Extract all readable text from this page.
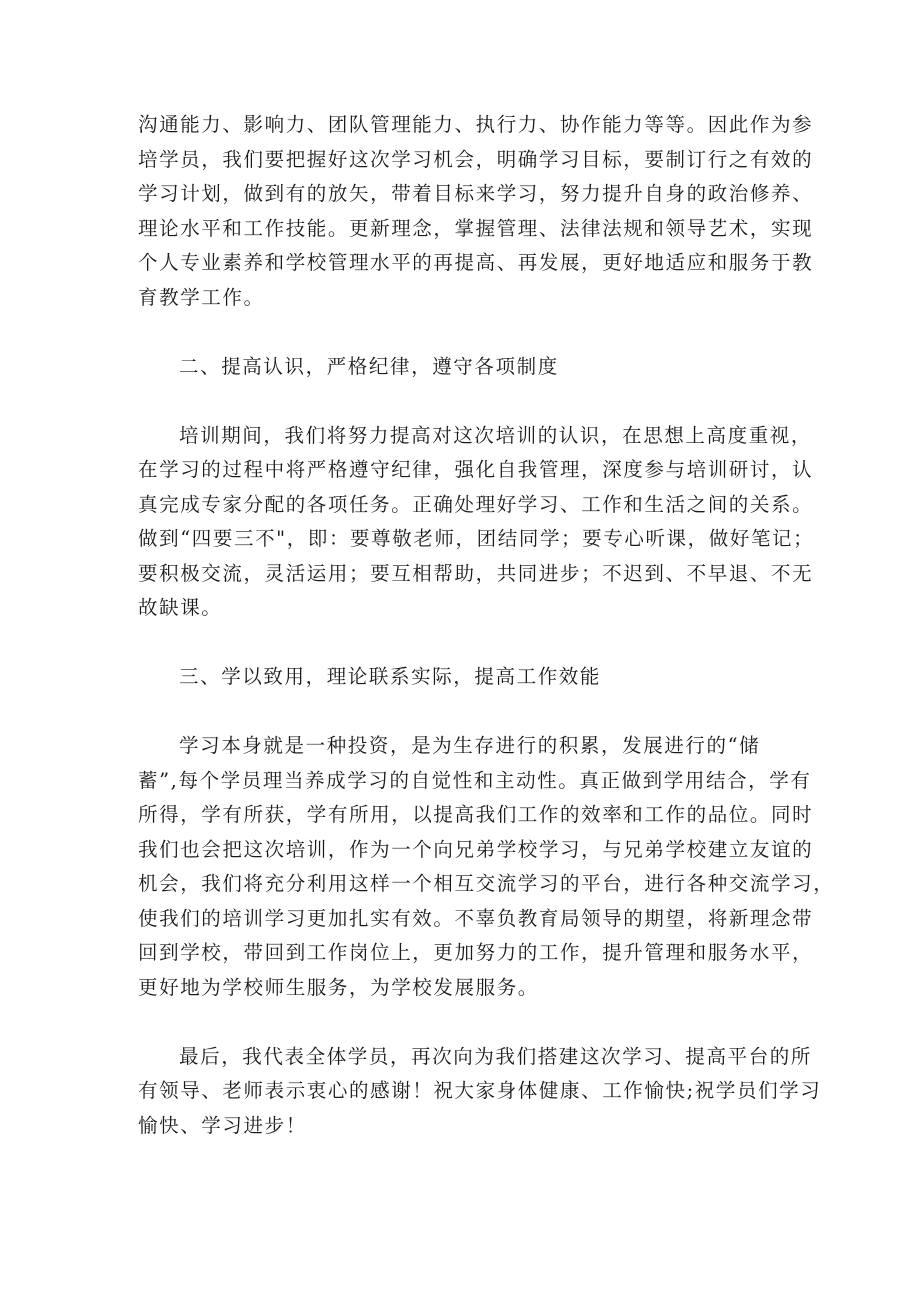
沟通能力、影响力、团队管理能力、执行力、协作能力等等。因此作为参
培学员，我们要把握好这次学习机会，明确学习目标，要制订行之有效的
学习计划，做到有的放矢，带着目标来学习，努力提升自身的政治修养、
理论水平和工作技能。更新理念，掌握管理、法律法规和领导艺术，实现
个人专业素养和学校管理水平的再提高、再发展，更好地适应和服务于教
育教学工作。
二、提高认识，严格纪律，遵守各项制度
培训期间，我们将努力提高对这次培训的认识，在思想上高度重视，
在学习的过程中将严格遵守纪律，强化自我管理，深度参与培训研讨，认
真完成专家分配的各项任务。正确处理好学习、工作和生活之间的关系。
做到“四要三不"，即：要尊敬老师，团结同学；要专心听课，做好笔记；
要积极交流，灵活运用；要互相帮助，共同进步；不迟到、不早退、不无
故缺课。
三、学以致用，理论联系实际，提高工作效能
学习本身就是一种投资，是为生存进行的积累，发展进行的“储
蓄”,每个学员理当养成学习的自觉性和主动性。真正做到学用结合，学有
所得，学有所获，学有所用，以提高我们工作的效率和工作的品位。同时
我们也会把这次培训，作为一个向兄弟学校学习，与兄弟学校建立友谊的
机会，我们将充分利用这样一个相互交流学习的平台，进行各种交流学习，
使我们的培训学习更加扎实有效。不辜负教育局领导的期望，将新理念带
回到学校，带回到工作岗位上，更加努力的工作，提升管理和服务水平，
更好地为学校师生服务，为学校发展服务。
最后，我代表全体学员，再次向为我们搭建这次学习、提高平台的所
有领导、老师表示衷心的感谢！祝大家身体健康、工作愉快;祝学员们学习
愉快、学习进步！
